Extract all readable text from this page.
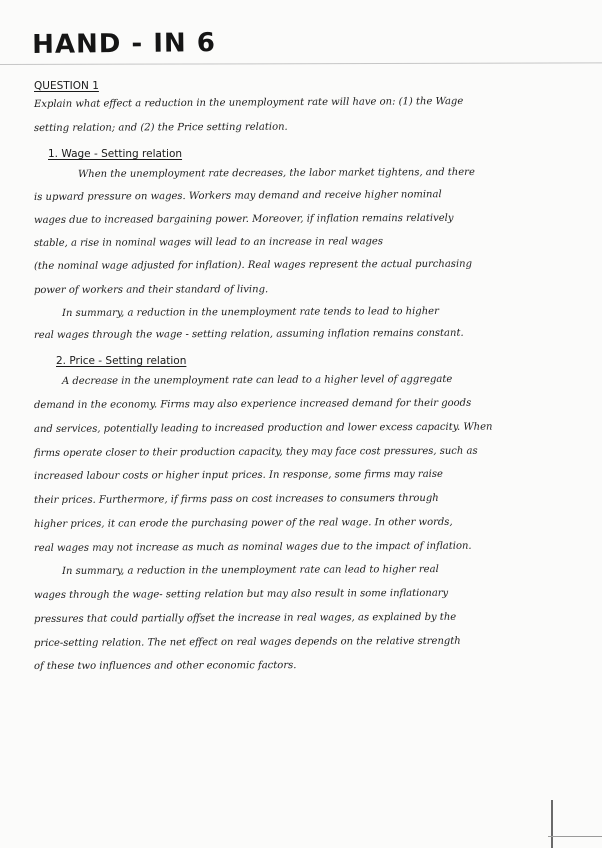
HAND - IN 6
QUESTION 1
Explain what effect a reduction in the unemployment rate will have on: (1) the Wage
setting relation; and (2) the Price setting relation.
1. Wage - Setting relation
When the unemployment rate decreases, the labor market tightens, and there
is upward pressure on wages. Workers may demand and receive higher nominal
wages due to increased bargaining power. Moreover, if inflation remains relatively
stable, a rise in nominal wages will lead to an increase in real wages
(the nominal wage adjusted for inflation). Real wages represent the actual purchasing
power of workers and their standard of living.
In summary, a reduction in the unemployment rate tends to lead to higher
real wages through the wage - setting relation, assuming inflation remains constant.
2. Price - Setting relation
A decrease in the unemployment rate can lead to a higher level of aggregate
demand in the economy. Firms may also experience increased demand for their goods
and services, potentially leading to increased production and lower excess capacity. When
firms operate closer to their production capacity, they may face cost pressures, such as
increased labour costs or higher input prices. In response, some firms may raise
their prices. Furthermore, if firms pass on cost increases to consumers through
higher prices, it can erode the purchasing power of the real wage. In other words,
real wages may not increase as much as nominal wages due to the impact of inflation.
In summary, a reduction in the unemployment rate can lead to higher real
wages through the wage- setting relation but may also result in some inflationary
pressures that could partially offset the increase in real wages, as explained by the
price-setting relation. The net effect on real wages depends on the relative strength
of these two influences and other economic factors.
